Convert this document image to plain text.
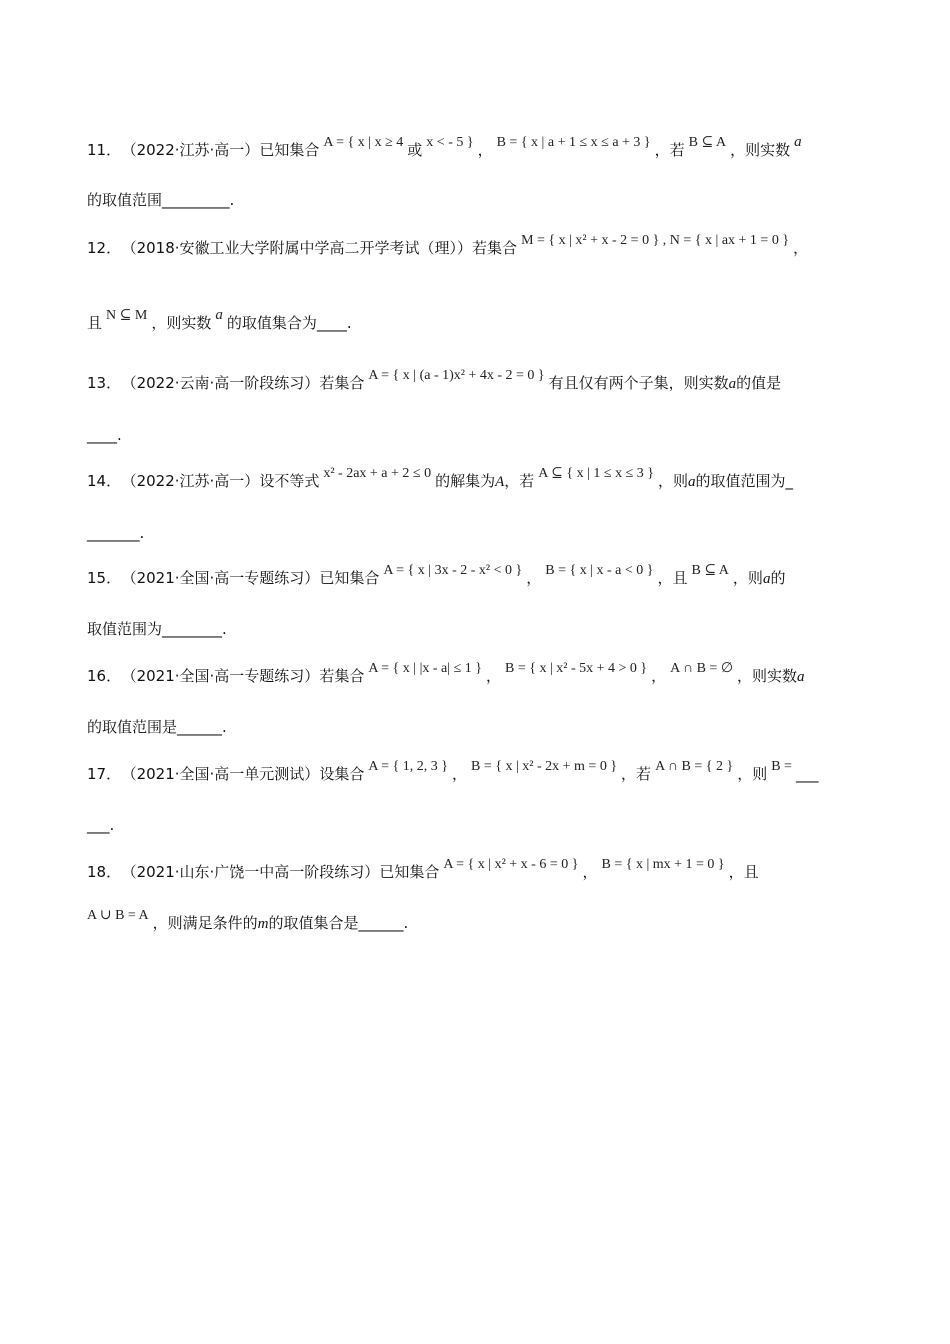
11． （2022·江苏·高一）已知集合 A = { x | x ≥ 4 或 x < - 5 } ， B = { x | a + 1 ≤ x ≤ a + 3 } ，若 B ⊆ A ，则实数 a
的取值范围_________.
12． （2018·安徽工业大学附属中学高二开学考试（理））若集合 M = { x | x² + x - 2 = 0 } , N = { x | ax + 1 = 0 } ，
且 N ⊆ M ，则实数 a 的取值集合为____.
13． （2022·云南·高一阶段练习）若集合 A = { x | (a - 1)x² + 4x - 2 = 0 } 有且仅有两个子集，则实数a的值是
____.
14． （2022·江苏·高一）设不等式 x² - 2ax + a + 2 ≤ 0 的解集为A，若 A ⊆ { x | 1 ≤ x ≤ 3 } ，则a的取值范围为_
_______.
15． （2021·全国·高一专题练习）已知集合 A = { x | 3x - 2 - x² < 0 } ， B = { x | x - a < 0 } ，且 B ⊆ A ，则a的
取值范围为________.
16． （2021·全国·高一专题练习）若集合 A = { x | |x - a| ≤ 1 } ， B = { x | x² - 5x + 4 > 0 } ， A ∩ B = ∅ ，则实数a
的取值范围是______.
17． （2021·全国·高一单元测试）设集合 A = { 1, 2, 3 } ， B = { x | x² - 2x + m = 0 } ，若 A ∩ B = { 2 } ，则 B = ___
___.
18． （2021·山东·广饶一中高一阶段练习）已知集合 A = { x | x² + x - 6 = 0 } ， B = { x | mx + 1 = 0 } ，且
A ∪ B = A ，则满足条件的m的取值集合是______.
